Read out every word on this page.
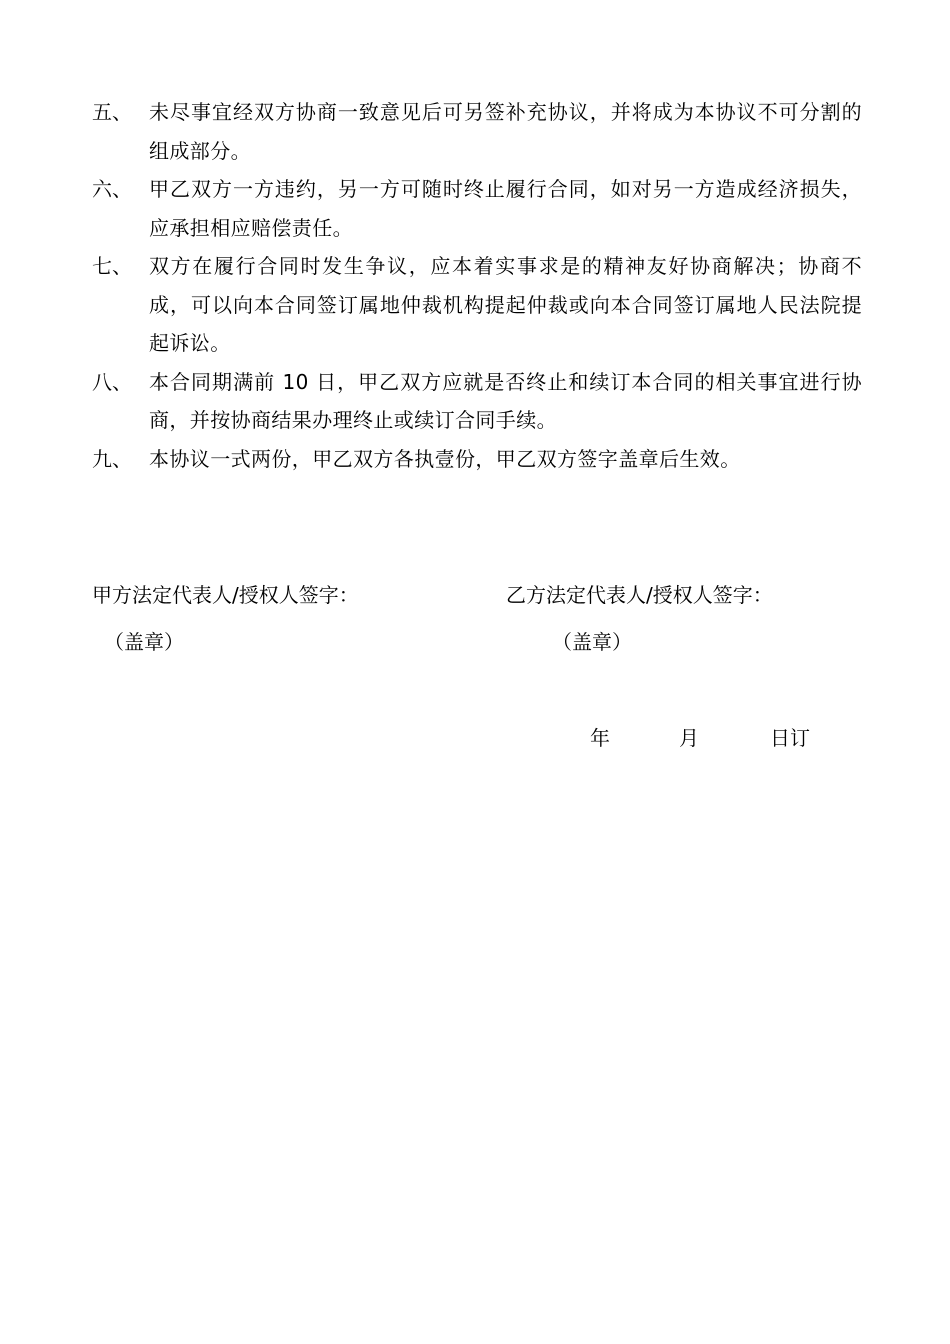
五、 未尽事宜经双方协商一致意见后可另签补充协议，并将成为本协议不可分割的组成部分。
六、 甲乙双方一方违约，另一方可随时终止履行合同，如对另一方造成经济损失，应承担相应赔偿责任。
七、 双方在履行合同时发生争议，应本着实事求是的精神友好协商解决；协商不成，可以向本合同签订属地仲裁机构提起仲裁或向本合同签订属地人民法院提起诉讼。
八、 本合同期满前 10 日，甲乙双方应就是否终止和续订本合同的相关事宜进行协商，并按协商结果办理终止或续订合同手续。
九、 本协议一式两份，甲乙双方各执壹份，甲乙双方签字盖章后生效。
甲方法定代表人/授权人签字：	乙方法定代表人/授权人签字：
（盖章）	（盖章）
年	月	日订
